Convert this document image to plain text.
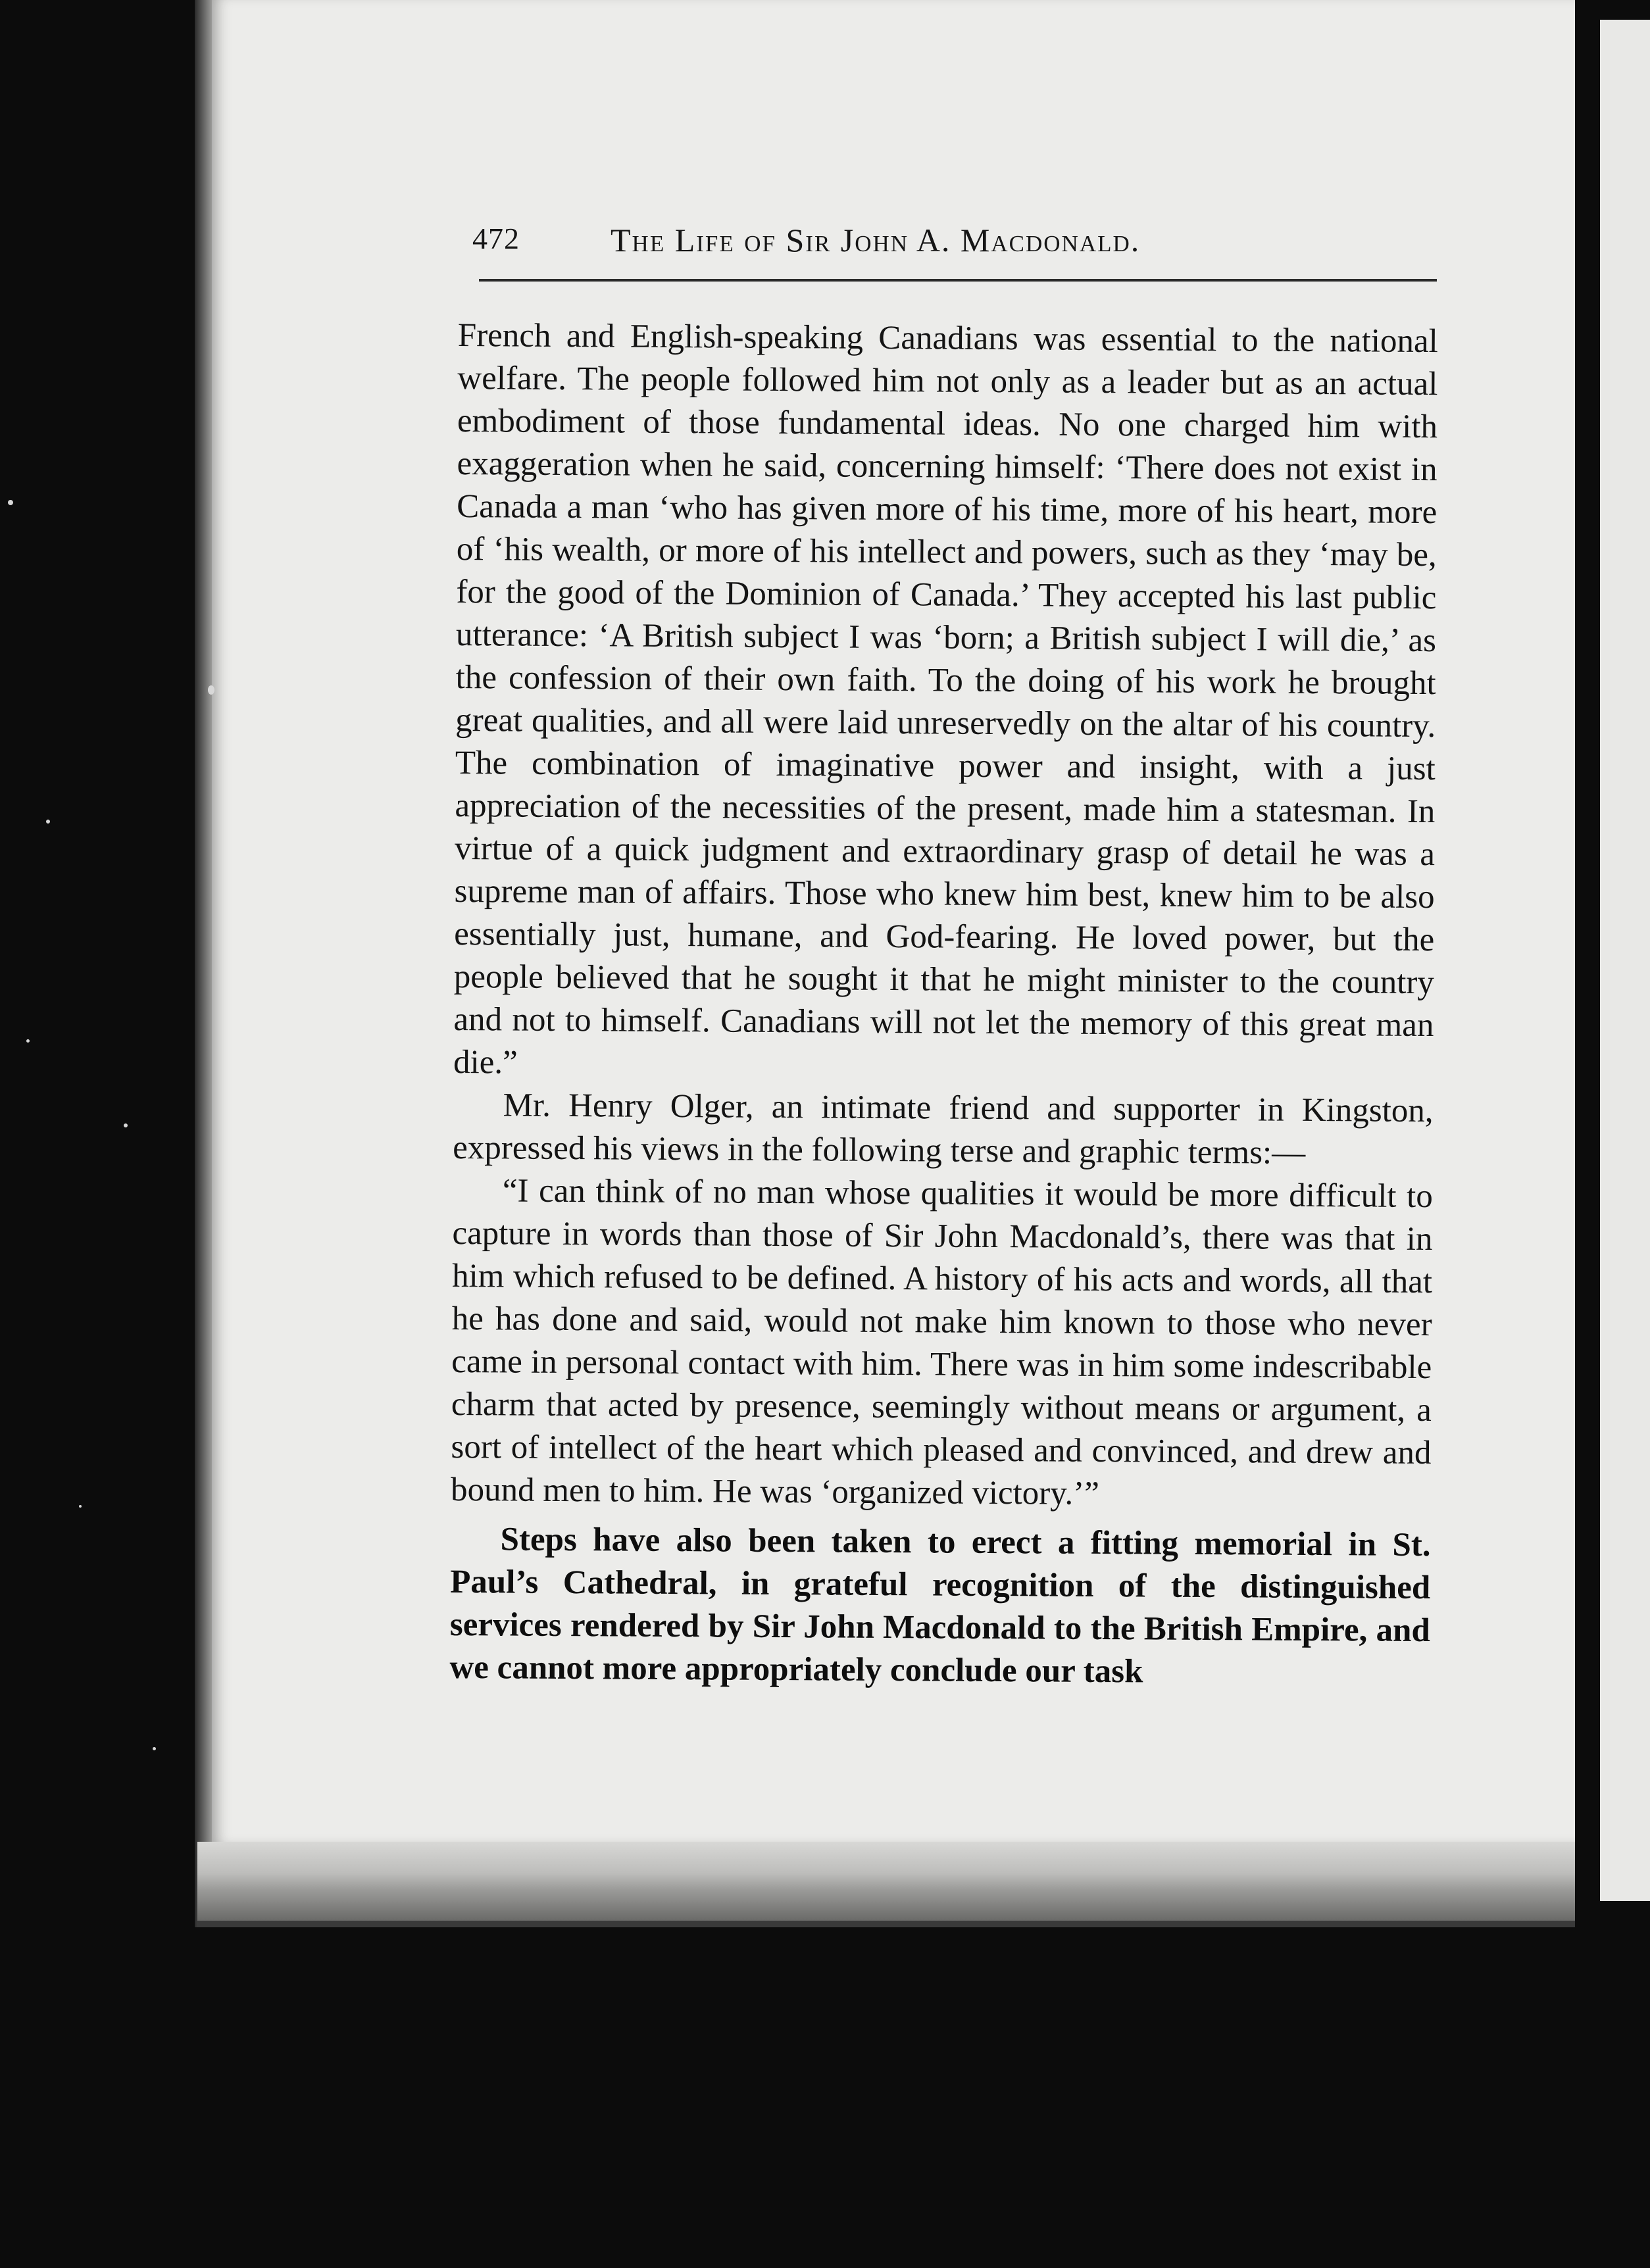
472	The Life of Sir John A. Macdonald.

French and English-speaking Canadians was essential to the national welfare. The people followed him not only as a leader but as an actual embodiment of those fundamental ideas. No one charged him with exaggeration when he said, concerning himself: ‘There does not exist in Canada a man ‘who has given more of his time, more of his heart, more of ‘his wealth, or more of his intellect and powers, such as they ‘may be, for the good of the Dominion of Canada.’ They accepted his last public utterance: ‘A British subject I was ‘born; a British subject I will die,’ as the confession of their own faith. To the doing of his work he brought great qualities, and all were laid unreservedly on the altar of his country. The combination of imaginative power and insight, with a just appreciation of the necessities of the present, made him a statesman. In virtue of a quick judgment and extraordinary grasp of detail he was a supreme man of affairs. Those who knew him best, knew him to be also essentially just, humane, and God-fearing. He loved power, but the people believed that he sought it that he might minister to the country and not to himself. Canadians will not let the memory of this great man die.”

Mr. Henry Olger, an intimate friend and supporter in Kingston, expressed his views in the following terse and graphic terms:—

“I can think of no man whose qualities it would be more difficult to capture in words than those of Sir John Macdonald’s, there was that in him which refused to be defined. A history of his acts and words, all that he has done and said, would not make him known to those who never came in personal contact with him. There was in him some indescribable charm that acted by presence, seemingly without means or argument, a sort of intellect of the heart which pleased and convinced, and drew and bound men to him. He was ‘organized victory.’”

Steps have also been taken to erect a fitting memorial in St. Paul’s Cathedral, in grateful recognition of the distinguished services rendered by Sir John Macdonald to the British Empire, and we cannot more appropriately conclude our task
